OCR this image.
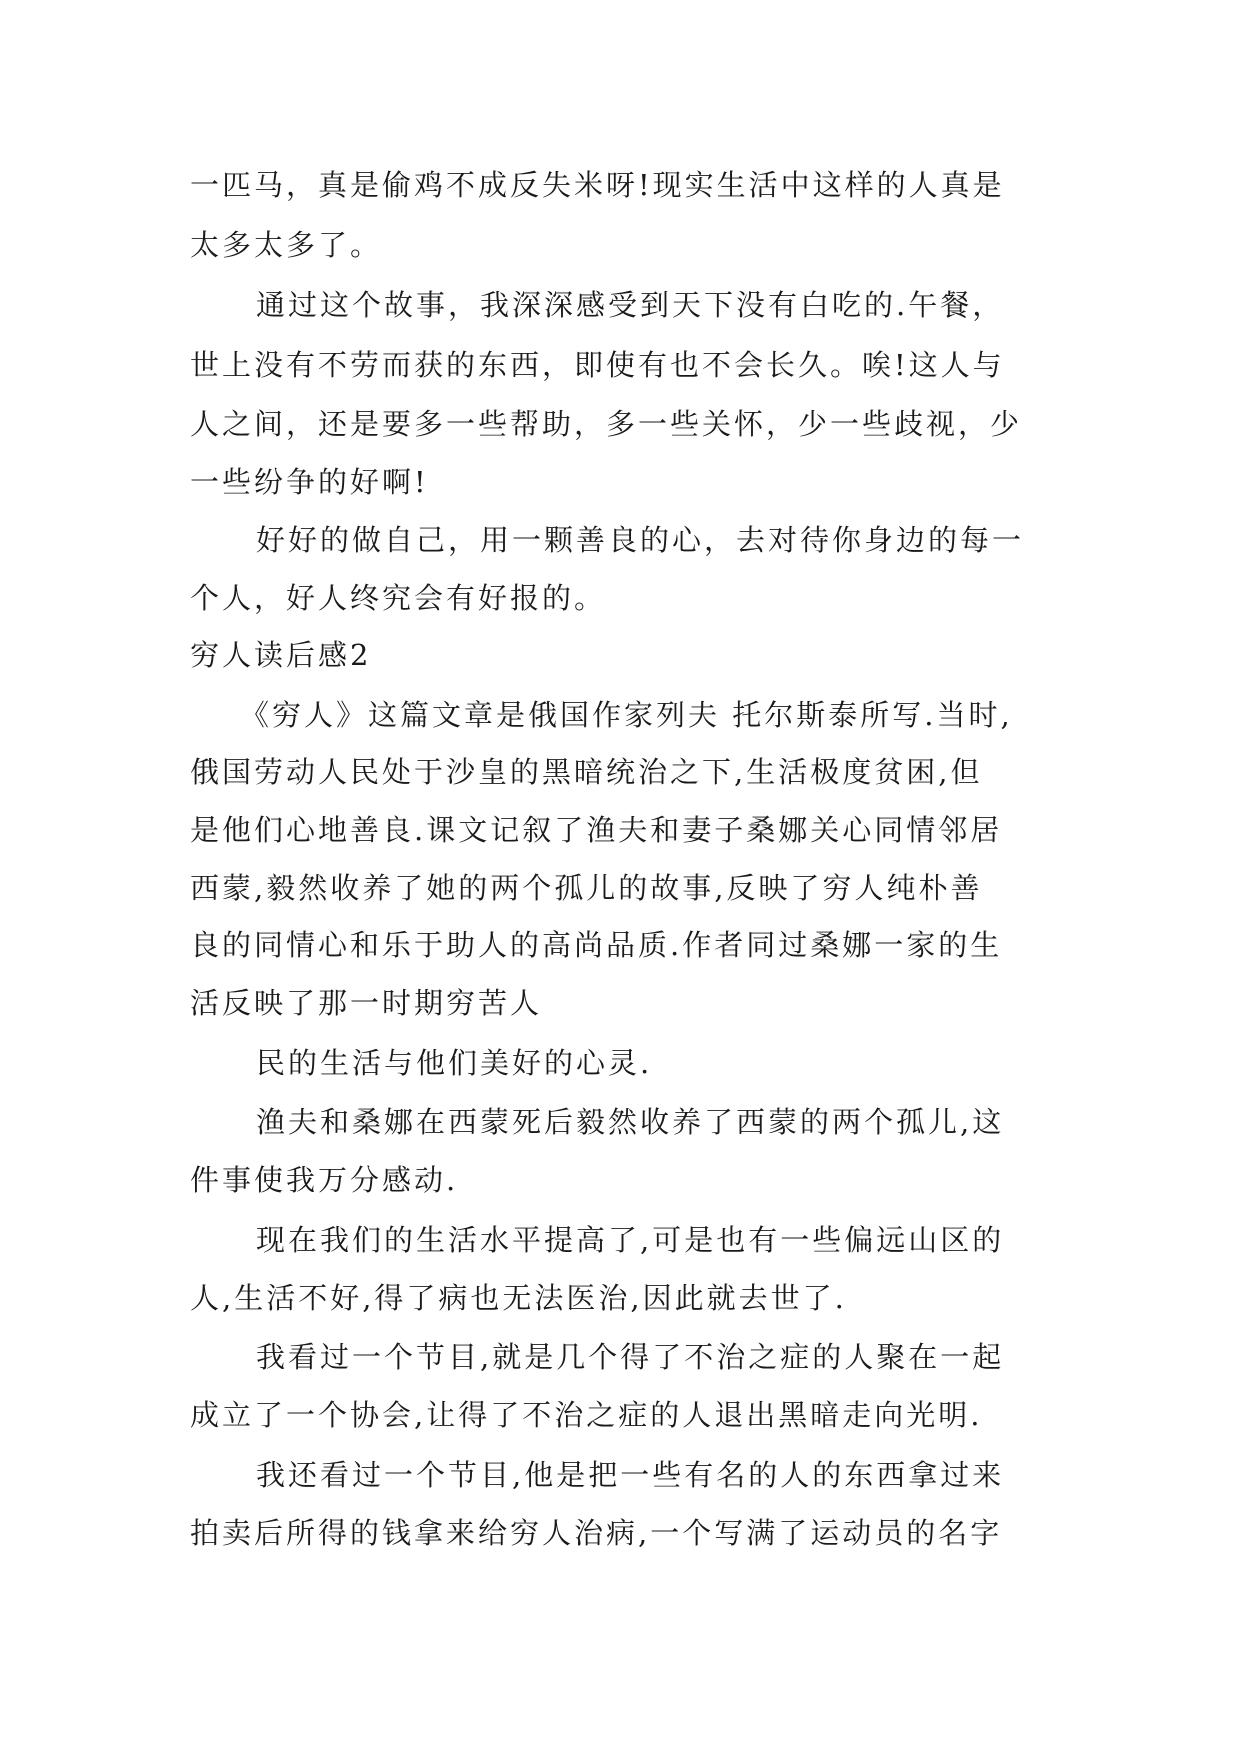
一匹马，真是偷鸡不成反失米呀!现实生活中这样的人真是
太多太多了。
通过这个故事，我深深感受到天下没有白吃的.午餐，
世上没有不劳而获的东西，即使有也不会长久。唉!这人与
人之间，还是要多一些帮助，多一些关怀，少一些歧视，少
一些纷争的好啊!
好好的做自己，用一颗善良的心，去对待你身边的每一
个人，好人终究会有好报的。
穷人读后感2
《穷人》这篇文章是俄国作家列夫 托尔斯泰所写.当时,
俄国劳动人民处于沙皇的黑暗统治之下,生活极度贫困,但
是他们心地善良.课文记叙了渔夫和妻子桑娜关心同情邻居
西蒙,毅然收养了她的两个孤儿的故事,反映了穷人纯朴善
良的同情心和乐于助人的高尚品质.作者同过桑娜一家的生
活反映了那一时期穷苦人
民的生活与他们美好的心灵.
渔夫和桑娜在西蒙死后毅然收养了西蒙的两个孤儿,这
件事使我万分感动.
现在我们的生活水平提高了,可是也有一些偏远山区的
人,生活不好,得了病也无法医治,因此就去世了.
我看过一个节目,就是几个得了不治之症的人聚在一起
成立了一个协会,让得了不治之症的人退出黑暗走向光明.
我还看过一个节目,他是把一些有名的人的东西拿过来
拍卖后所得的钱拿来给穷人治病,一个写满了运动员的名字
